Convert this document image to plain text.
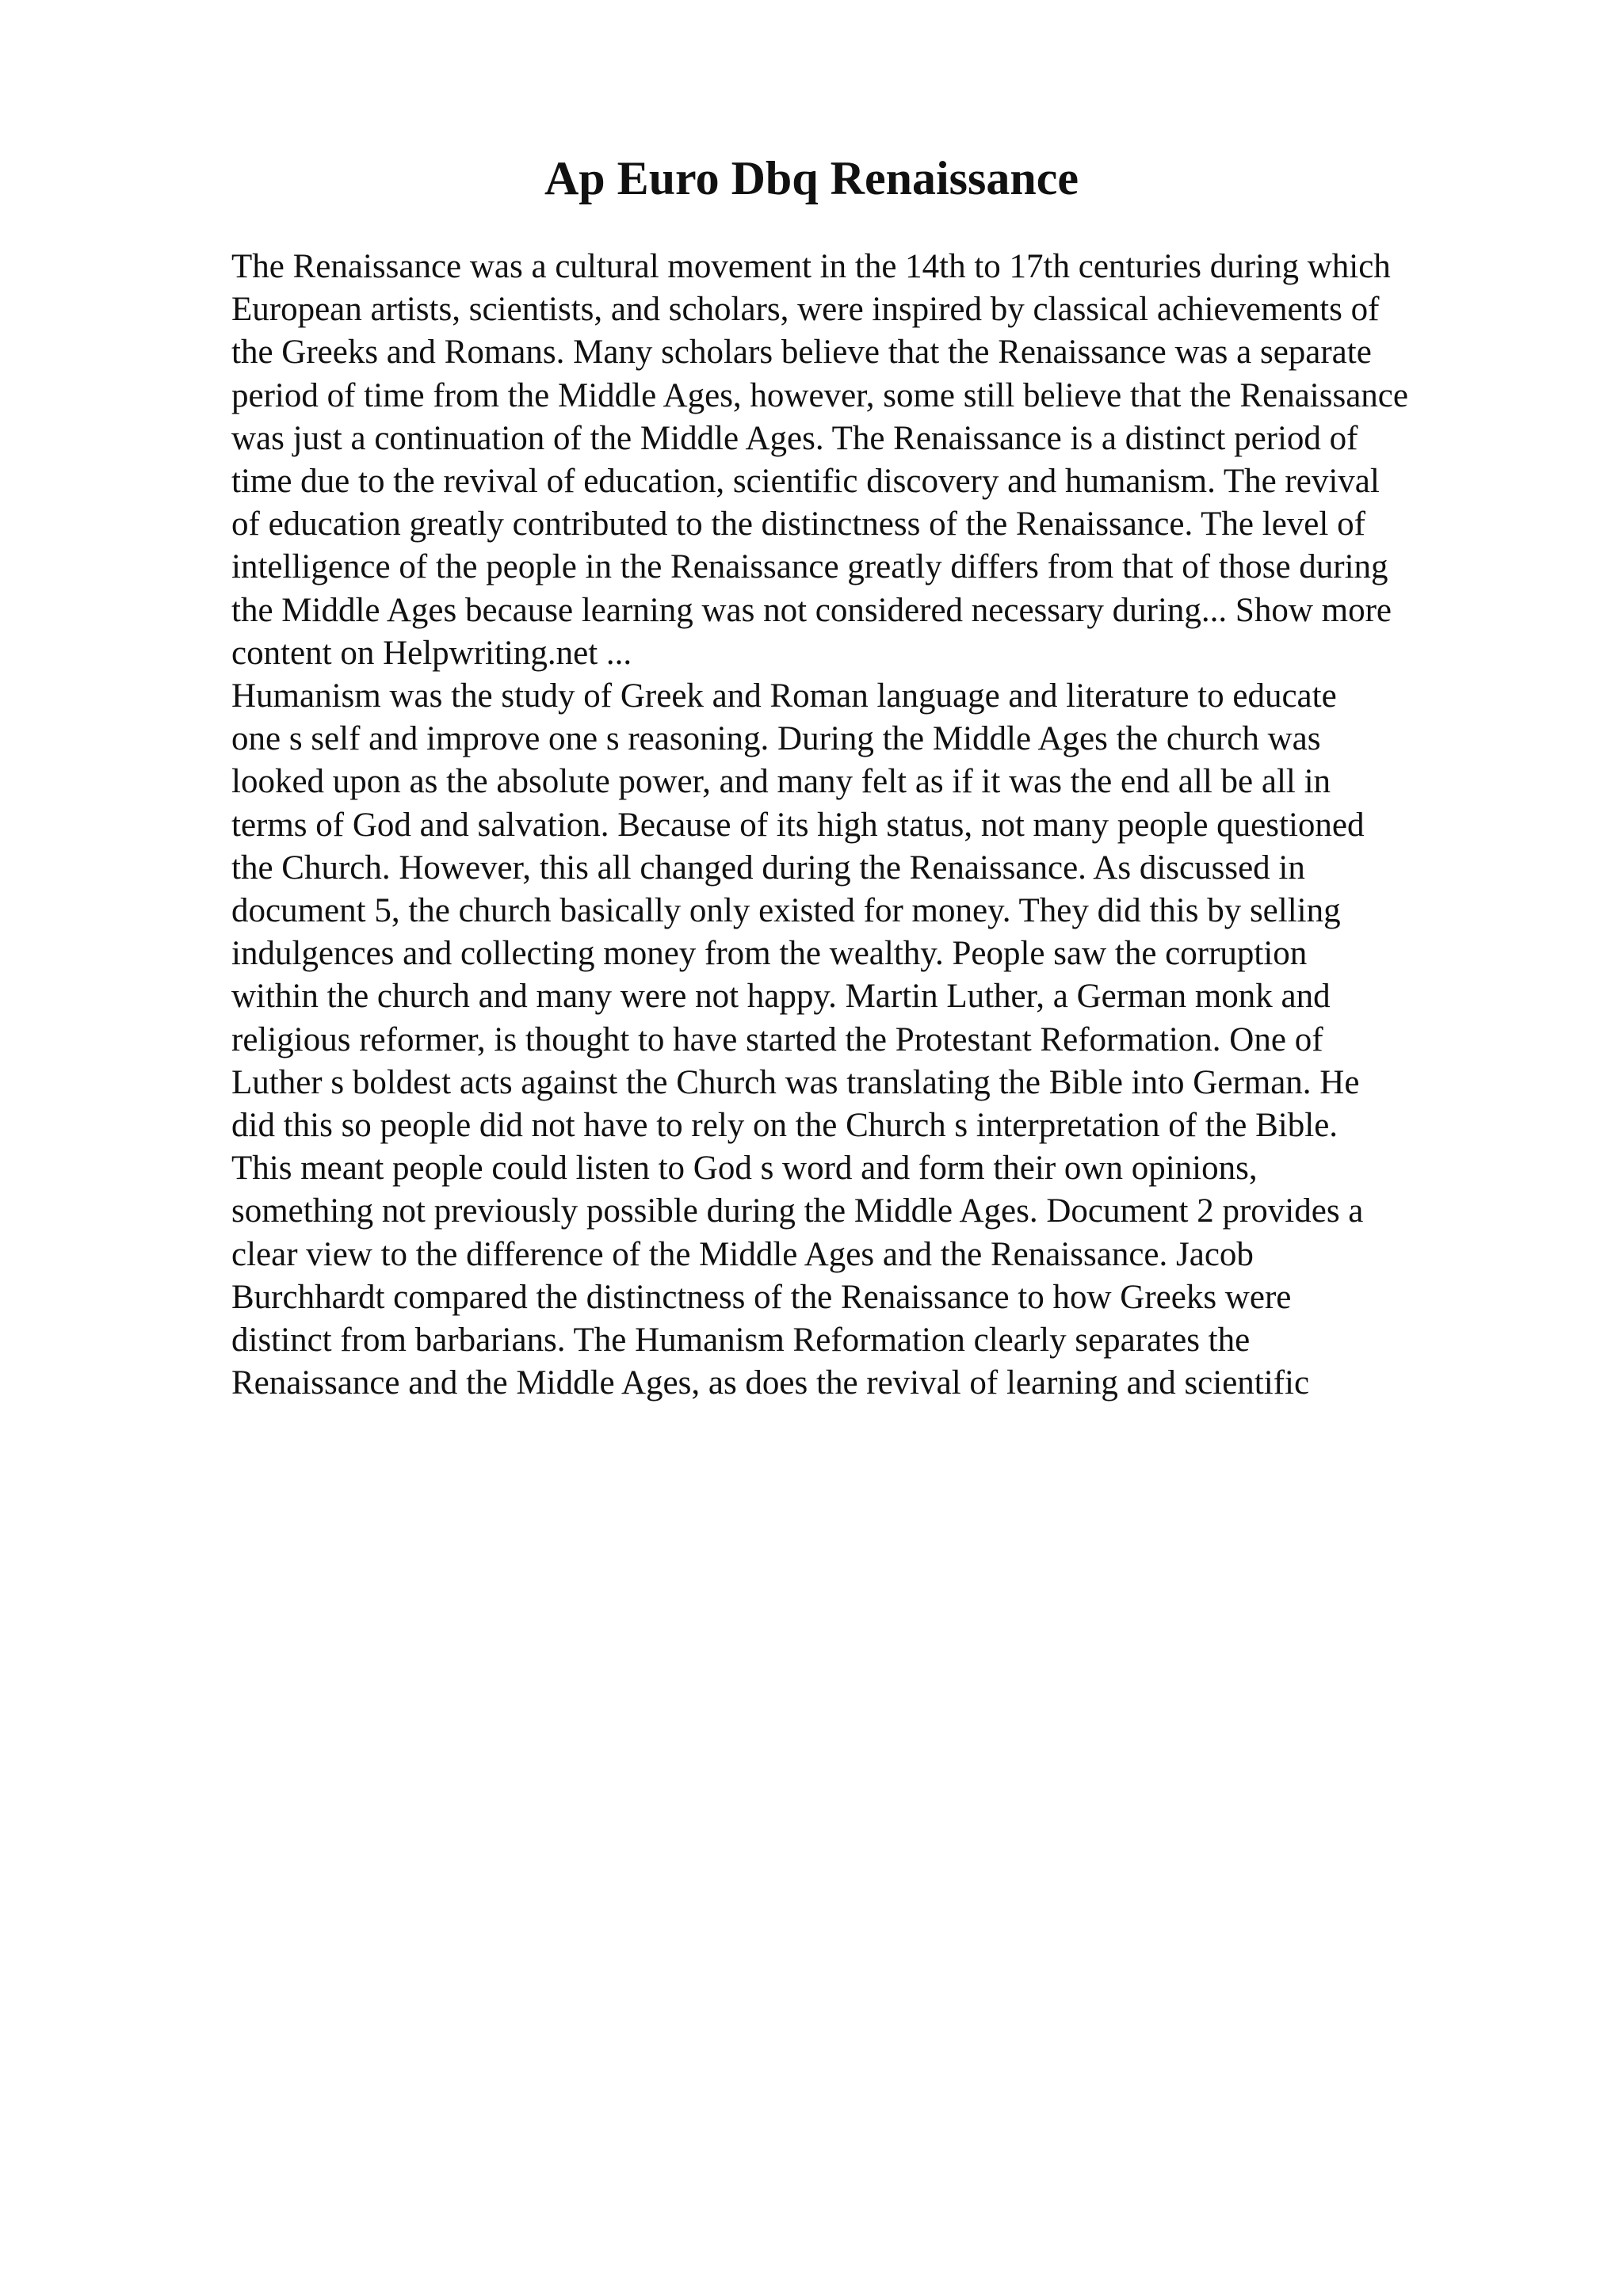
Ap Euro Dbq Renaissance
The Renaissance was a cultural movement in the 14th to 17th centuries during which
European artists, scientists, and scholars, were inspired by classical achievements of
the Greeks and Romans. Many scholars believe that the Renaissance was a separate
period of time from the Middle Ages, however, some still believe that the Renaissance
was just a continuation of the Middle Ages. The Renaissance is a distinct period of
time due to the revival of education, scientific discovery and humanism. The revival
of education greatly contributed to the distinctness of the Renaissance. The level of
intelligence of the people in the Renaissance greatly differs from that of those during
the Middle Ages because learning was not considered necessary during... Show more
content on Helpwriting.net ...
Humanism was the study of Greek and Roman language and literature to educate
one s self and improve one s reasoning. During the Middle Ages the church was
looked upon as the absolute power, and many felt as if it was the end all be all in
terms of God and salvation. Because of its high status, not many people questioned
the Church. However, this all changed during the Renaissance. As discussed in
document 5, the church basically only existed for money. They did this by selling
indulgences and collecting money from the wealthy. People saw the corruption
within the church and many were not happy. Martin Luther, a German monk and
religious reformer, is thought to have started the Protestant Reformation. One of
Luther s boldest acts against the Church was translating the Bible into German. He
did this so people did not have to rely on the Church s interpretation of the Bible.
This meant people could listen to God s word and form their own opinions,
something not previously possible during the Middle Ages. Document 2 provides a
clear view to the difference of the Middle Ages and the Renaissance. Jacob
Burchhardt compared the distinctness of the Renaissance to how Greeks were
distinct from barbarians. The Humanism Reformation clearly separates the
Renaissance and the Middle Ages, as does the revival of learning and scientific
